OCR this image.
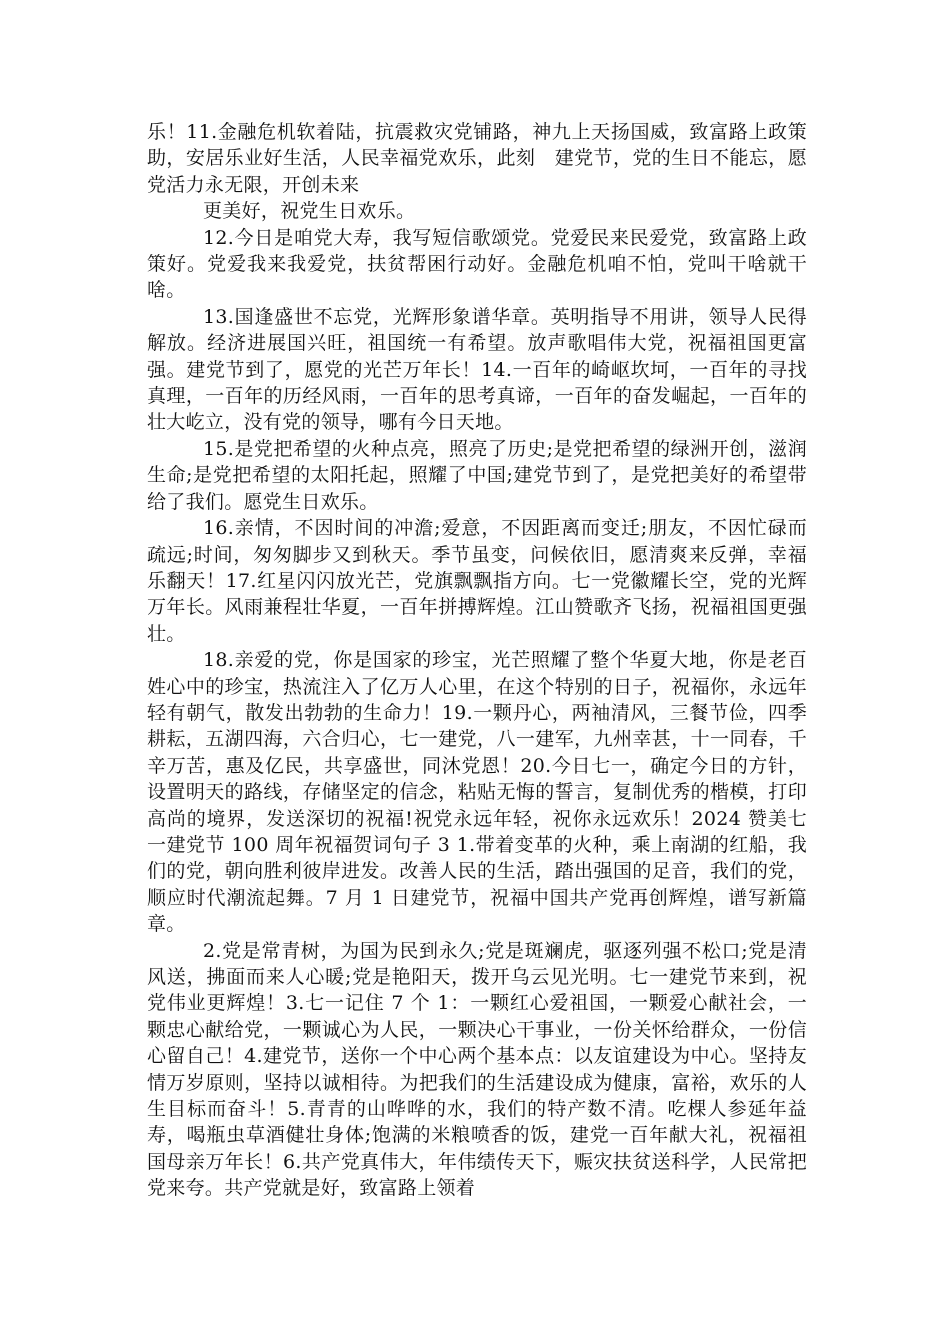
乐！11.金融危机软着陆，抗震救灾党铺路，神九上天扬国威，致富路上政策助，安居乐业好生活，人民幸福党欢乐，此刻　建党节，党的生日不能忘，愿党活力永无限，开创未来

更美好，祝党生日欢乐。

12.今日是咱党大寿，我写短信歌颂党。党爱民来民爱党，致富路上政策好。党爱我来我爱党，扶贫帮困行动好。金融危机咱不怕，党叫干啥就干啥。

13.国逢盛世不忘党，光辉形象谱华章。英明指导不用讲，领导人民得解放。经济进展国兴旺，祖国统一有希望。放声歌唱伟大党，祝福祖国更富强。建党节到了，愿党的光芒万年长！14.一百年的崎岖坎坷，一百年的寻找真理，一百年的历经风雨，一百年的思考真谛，一百年的奋发崛起，一百年的壮大屹立，没有党的领导，哪有今日天地。

15.是党把希望的火种点亮，照亮了历史;是党把希望的绿洲开创，滋润生命;是党把希望的太阳托起，照耀了中国;建党节到了，是党把美好的希望带给了我们。愿党生日欢乐。

16.亲情，不因时间的冲澹;爱意，不因距离而变迁;朋友，不因忙碌而疏远;时间，匆匆脚步又到秋天。季节虽变，问候依旧，愿清爽来反弹，幸福乐翻天！17.红星闪闪放光芒，党旗飘飘指方向。七一党徽耀长空，党的光辉万年长。风雨兼程壮华夏，一百年拼搏辉煌。江山赞歌齐飞扬，祝福祖国更强壮。

18.亲爱的党，你是国家的珍宝，光芒照耀了整个华夏大地，你是老百姓心中的珍宝，热流注入了亿万人心里，在这个特别的日子，祝福你，永远年轻有朝气，散发出勃勃的生命力！19.一颗丹心，两袖清风，三餐节俭，四季耕耘，五湖四海，六合归心，七一建党，八一建军，九州幸甚，十一同春，千辛万苦，惠及亿民，共享盛世，同沐党恩！20.今日七一，确定今日的方针，设置明天的路线，存储坚定的信念，粘贴无悔的誓言，复制优秀的楷模，打印高尚的境界，发送深切的祝福!祝党永远年轻，祝你永远欢乐！2024 赞美七一建党节 100 周年祝福贺词句子 3 1.带着变革的火种，乘上南湖的红船，我们的党，朝向胜利彼岸进发。改善人民的生活，踏出强国的足音，我们的党，顺应时代潮流起舞。7 月 1 日建党节，祝福中国共产党再创辉煌，谱写新篇章。

2.党是常青树，为国为民到永久;党是斑斓虎，驱逐列强不松口;党是清风送，拂面而来人心暖;党是艳阳天，拨开乌云见光明。七一建党节来到，祝党伟业更辉煌！3.七一记住 7 个 1：一颗红心爱祖国，一颗爱心献社会，一颗忠心献给党，一颗诚心为人民，一颗决心干事业，一份关怀给群众，一份信心留自己！4.建党节，送你一个中心两个基本点：以友谊建设为中心。坚持友情万岁原则，坚持以诚相待。为把我们的生活建设成为健康，富裕，欢乐的人生目标而奋斗！5.青青的山哗哗的水，我们的特产数不清。吃棵人参延年益寿，喝瓶虫草酒健壮身体;饱满的米粮喷香的饭，建党一百年献大礼，祝福祖国母亲万年长！6.共产党真伟大，年伟绩传天下，赈灾扶贫送科学，人民常把党来夸。共产党就是好，致富路上领着
